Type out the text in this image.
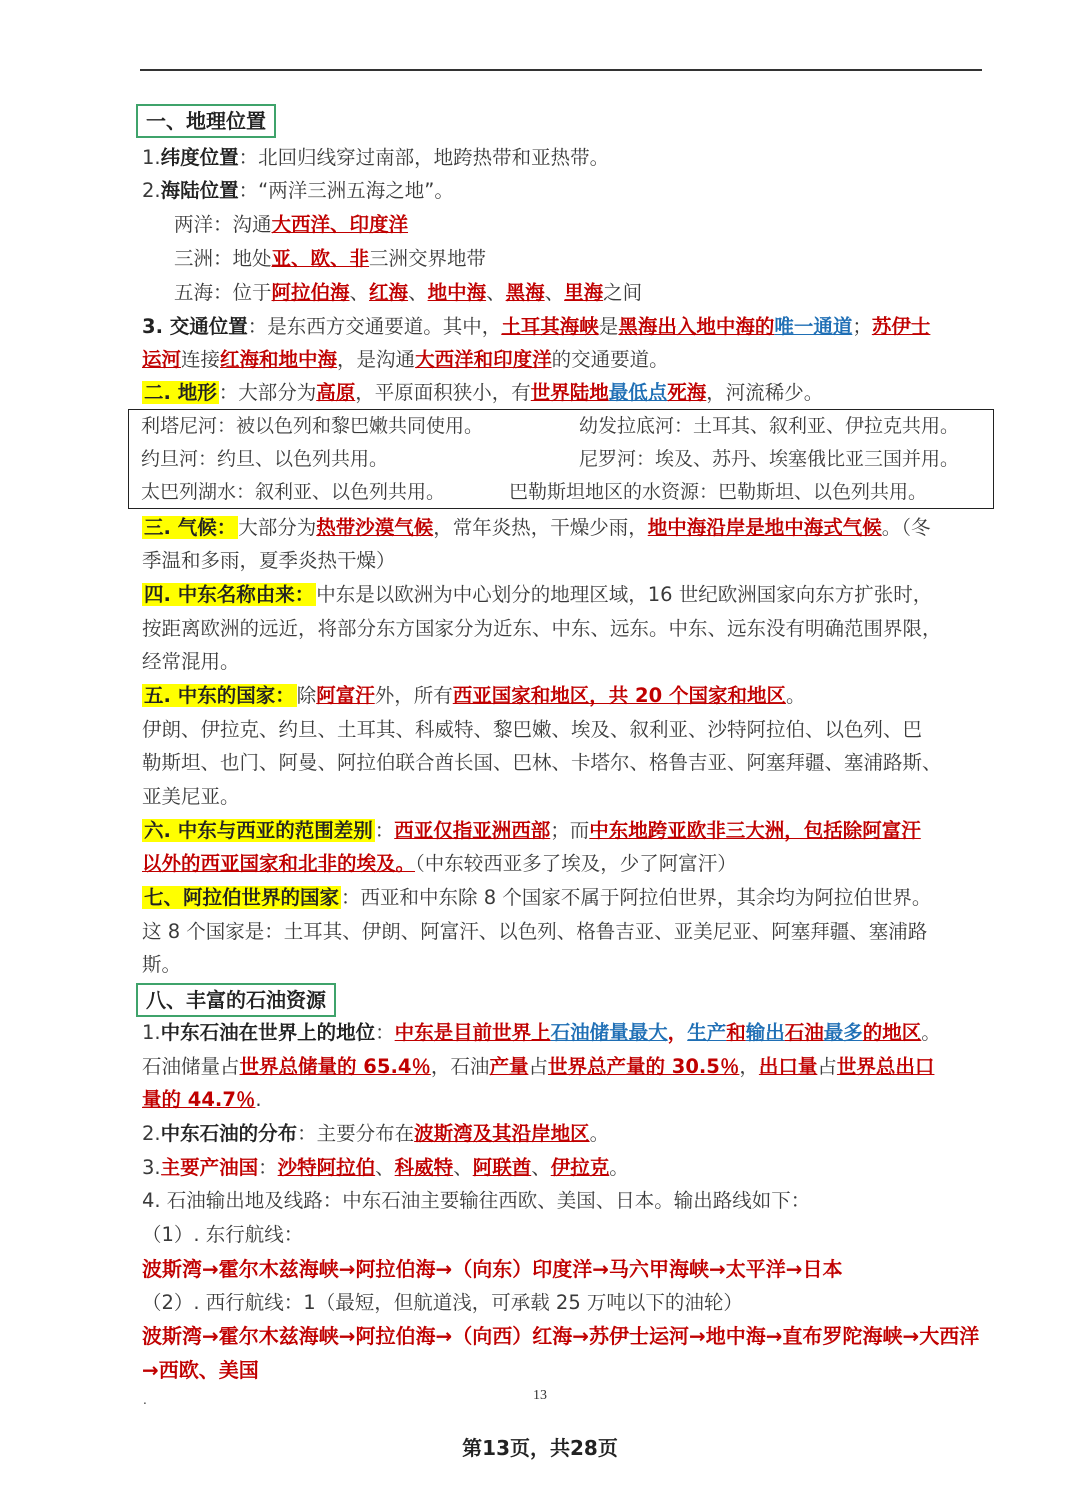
一、地理位置
1.纬度位置：北回归线穿过南部，地跨热带和亚热带。
2.海陆位置：“两洋三洲五海之地”。
两洋：沟通大西洋、印度洋
三洲：地处亚、欧、非三洲交界地带
五海：位于阿拉伯海、红海、地中海、黑海、里海之间
3. 交通位置：是东西方交通要道。其中，土耳其海峡是黑海出入地中海的唯一通道；苏伊士
运河连接红海和地中海，是沟通大西洋和印度洋的交通要道。
二. 地形 ：大部分为高原，平原面积狭小，有世界陆地最低点死海，河流稀少。
利塔尼河：被以色列和黎巴嫩共同使用。	幼发拉底河：土耳其、叙利亚、伊拉克共用。
约旦河：约旦、以色列共用。	尼罗河：埃及、苏丹、埃塞俄比亚三国并用。
太巴列湖水：叙利亚、以色列共用。	巴勒斯坦地区的水资源：巴勒斯坦、以色列共用。
三. 气候： 大部分为热带沙漠气候，常年炎热，干燥少雨，地中海沿岸是地中海式气候。（冬
季温和多雨，夏季炎热干燥）
四. 中东名称由来： 中东是以欧洲为中心划分的地理区域，16 世纪欧洲国家向东方扩张时，
按距离欧洲的远近，将部分东方国家分为近东、中东、远东。中东、远东没有明确范围界限，
经常混用。
五. 中东的国家： 除阿富汗外，所有西亚国家和地区，共 20 个国家和地区。
伊朗、伊拉克、约旦、土耳其、科威特、黎巴嫩、埃及、叙利亚、沙特阿拉伯、以色列、巴
勒斯坦、也门、阿曼、阿拉伯联合酋长国、巴林、卡塔尔、格鲁吉亚、阿塞拜疆、塞浦路斯、
亚美尼亚。
六. 中东与西亚的范围差别 ：西亚仅指亚洲西部；而中东地跨亚欧非三大洲，包括除阿富汗
以外的西亚国家和北非的埃及。（中东较西亚多了埃及，少了阿富汗）
七、阿拉伯世界的国家 ：西亚和中东除 8 个国家不属于阿拉伯世界，其余均为阿拉伯世界。
这 8 个国家是：土耳其、伊朗、阿富汗、以色列、格鲁吉亚、亚美尼亚、阿塞拜疆、塞浦路
斯。
八、丰富的石油资源
1.中东石油在世界上的地位：中东是目前世界上石油储量最大，生产和输出石油最多的地区。
石油储量占世界总储量的 65.4％，石油产量占世界总产量的 30.5％，出口量占世界总出口
量的 44.7％.
2.中东石油的分布：主要分布在波斯湾及其沿岸地区。
3.主要产油国：沙特阿拉伯、科威特、阿联酋、伊拉克。
4. 石油输出地及线路：中东石油主要输往西欧、美国、日本。输出路线如下：
（1）. 东行航线：
波斯湾→霍尔木兹海峡→阿拉伯海→（向东）印度洋→马六甲海峡→太平洋→日本
（2）. 西行航线：1（最短，但航道浅，可承载 25 万吨以下的油轮）
波斯湾→霍尔木兹海峡→阿拉伯海→（向西）红海→苏伊士运河→地中海→直布罗陀海峡→大西洋
→西欧、美国
.	13
第13页，共28页
